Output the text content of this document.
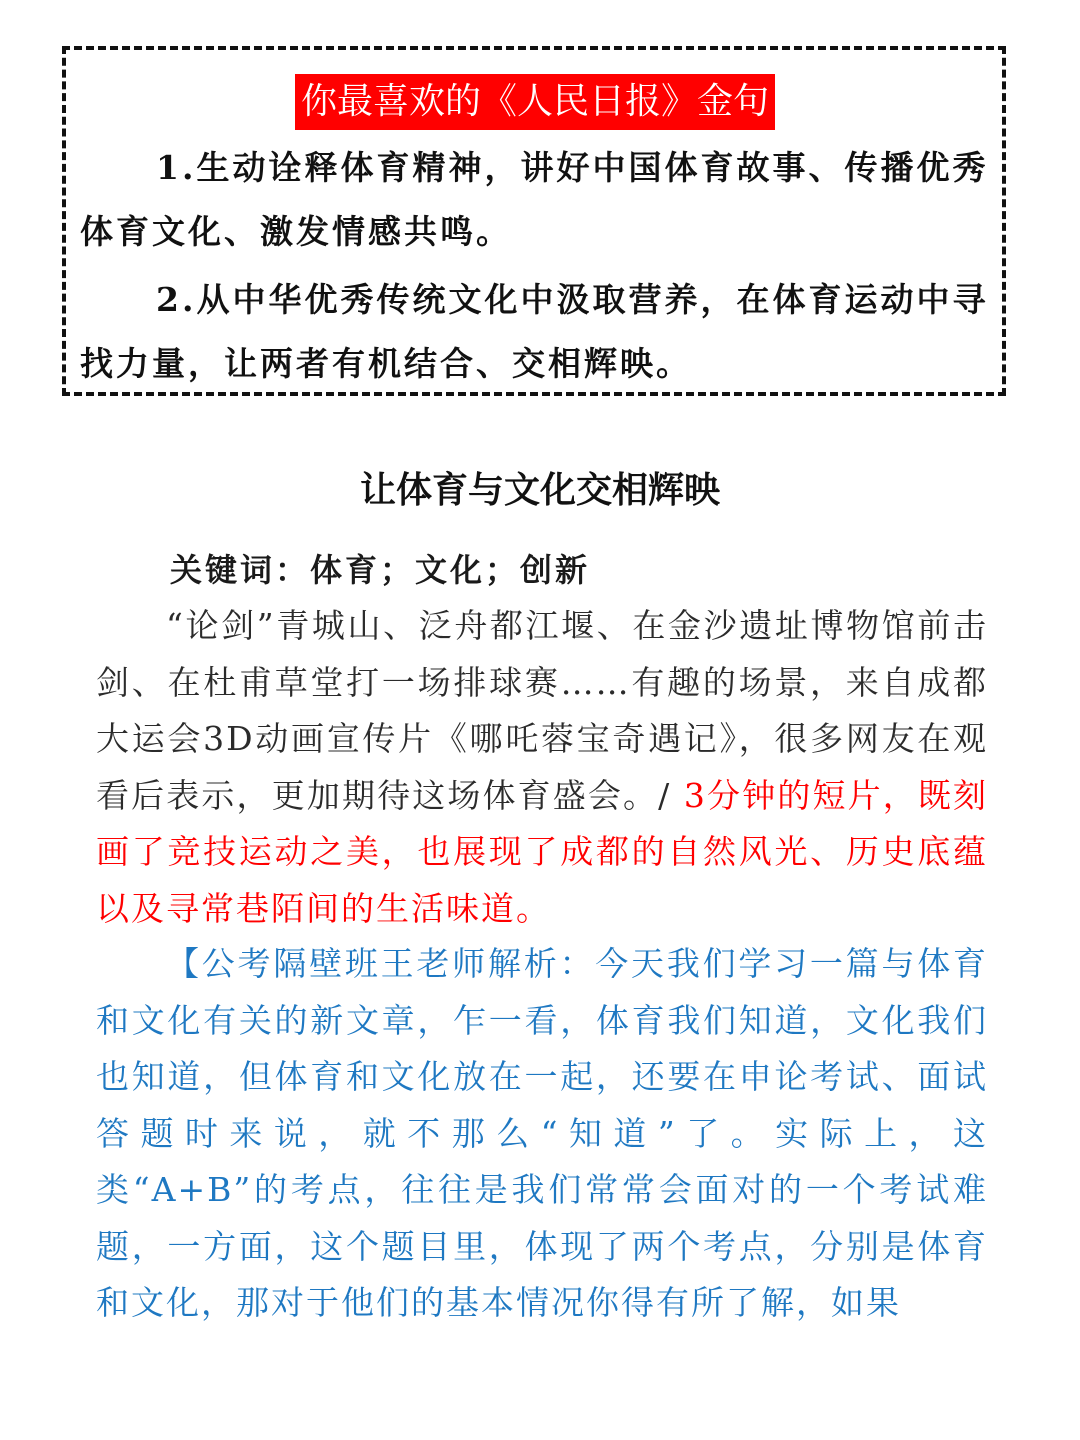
你最喜欢的《人民日报》金句

1.生动诠释体育精神，讲好中国体育故事、传播优秀体育文化、激发情感共鸣。

2.从中华优秀传统文化中汲取营养，在体育运动中寻找力量，让两者有机结合、交相辉映。

让体育与文化交相辉映
关键词：体育；文化；创新

“论剑”青城山、泛舟都江堰、在金沙遗址博物馆前击剑、在杜甫草堂打一场排球赛……有趣的场景，来自成都大运会3D动画宣传片《哪吒蓉宝奇遇记》，很多网友在观看后表示，更加期待这场体育盛会。/ 3分钟的短片，既刻画了竞技运动之美，也展现了成都的自然风光、历史底蕴以及寻常巷陌间的生活味道。

【公考隔壁班王老师解析：今天我们学习一篇与体育和文化有关的新文章，乍一看，体育我们知道，文化我们也知道，但体育和文化放在一起，还要在申论考试、面试答题时来说，就不那么“知道”了。实际上，这类“A+B”的考点，往往是我们常常会面对的一个考试难题，一方面，这个题目里，体现了两个考点，分别是体育和文化，那对于他们的基本情况你得有所了解，如果
